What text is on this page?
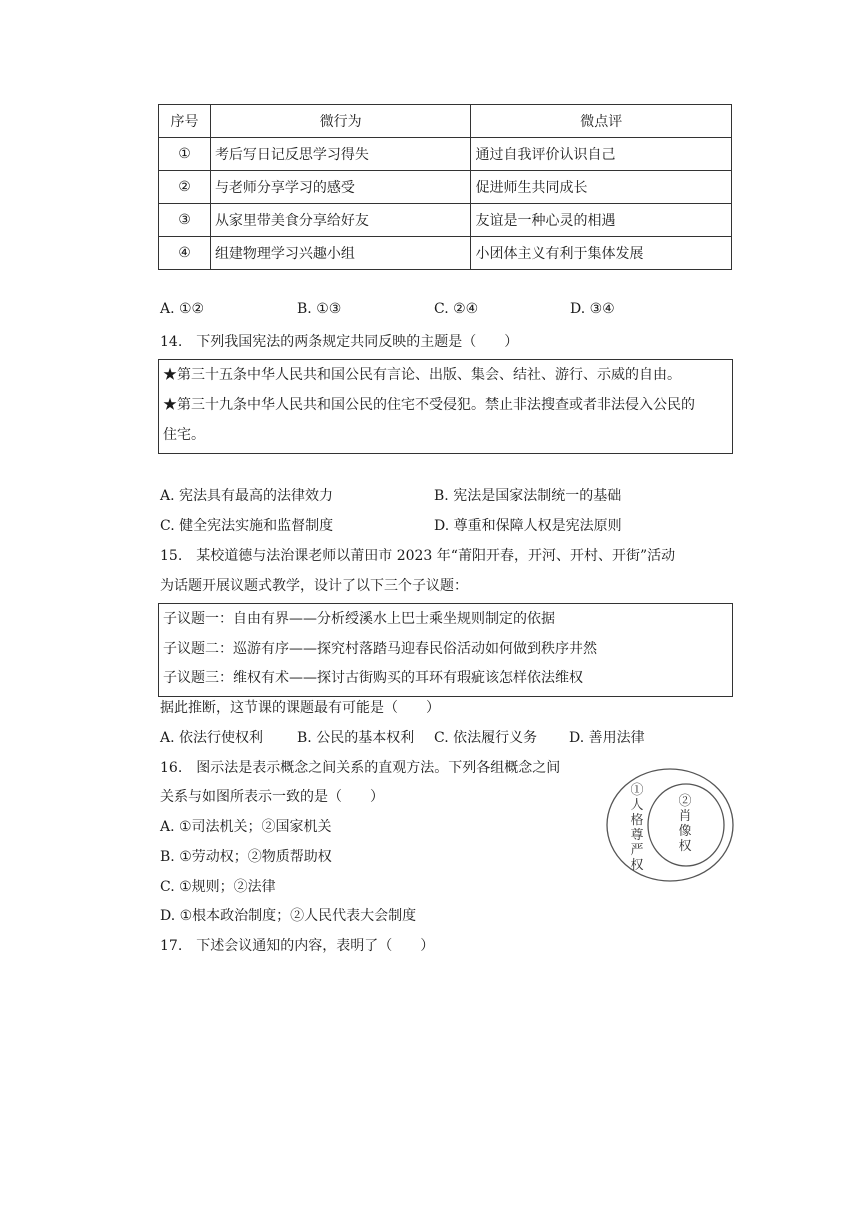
序号	微行为	微点评
①	考后写日记反思学习得失	通过自我评价认识自己
②	与老师分享学习的感受	促进师生共同成长
③	从家里带美食分享给好友	友谊是一种心灵的相遇
④	组建物理学习兴趣小组	小团体主义有利于集体发展
A. ①②	B. ①③	C. ②④	D. ③④
14.　下列我国宪法的两条规定共同反映的主题是（　　）
★第三十五条中华人民共和国公民有言论、出版、集会、结社、游行、示威的自由。
★第三十九条中华人民共和国公民的住宅不受侵犯。禁止非法搜查或者非法侵入公民的
住宅。
A. 宪法具有最高的法律效力	B. 宪法是国家法制统一的基础
C. 健全宪法实施和监督制度	D. 尊重和保障人权是宪法原则
15.　某校道德与法治课老师以莆田市 2023 年“莆阳开春，开河、开村、开街”活动
为话题开展议题式教学，设计了以下三个子议题：
子议题一：自由有界——分析绶溪水上巴士乘坐规则制定的依据
子议题二：巡游有序——探究村落踏马迎春民俗活动如何做到秩序井然
子议题三：维权有术——探讨古街购买的耳环有瑕疵该怎样依法维权
据此推断，这节课的课题最有可能是（　　）
A. 依法行使权利 B. 公民的基本权利 C. 依法履行义务 D. 善用法律
16.　图示法是表示概念之间关系的直观方法。下列各组概念之间
关系与如图所表示一致的是（　　）
A. ①司法机关；②国家机关
B. ①劳动权；②物质帮助权
C. ①规则；②法律
D. ①根本政治制度；②人民代表大会制度
①人格尊严权
②肖像权
17.　下述会议通知的内容，表明了（　　）
